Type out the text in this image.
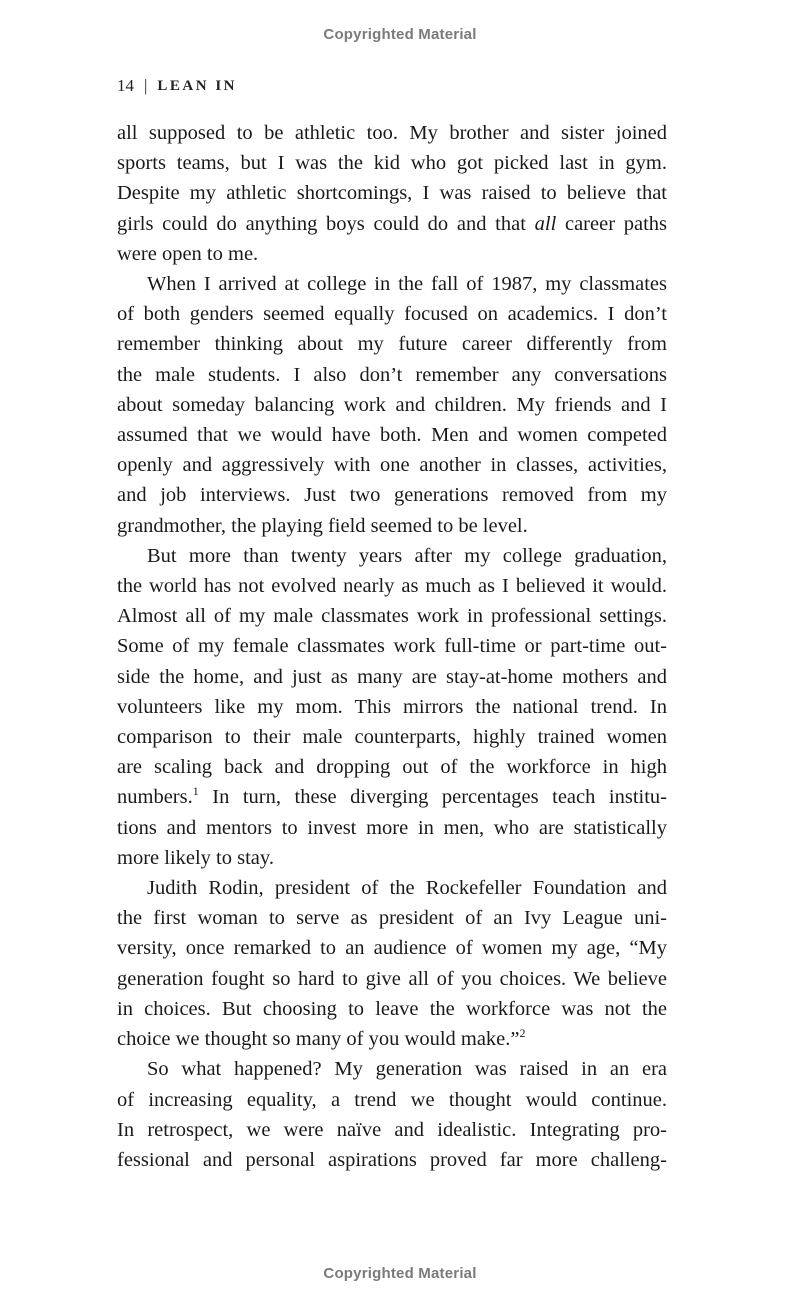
Copyrighted Material
14 | LEAN IN
all supposed to be athletic too. My brother and sister joined
sports teams, but I was the kid who got picked last in gym.
Despite my athletic shortcomings, I was raised to believe that
girls could do anything boys could do and that all career paths
were open to me.
When I arrived at college in the fall of 1987, my classmates
of both genders seemed equally focused on academics. I don’t
remember thinking about my future career differently from
the male students. I also don’t remember any conversations
about someday balancing work and children. My friends and I
assumed that we would have both. Men and women competed
openly and aggressively with one another in classes, activities,
and job interviews. Just two generations removed from my
grandmother, the playing field seemed to be level.
But more than twenty years after my college graduation,
the world has not evolved nearly as much as I believed it would.
Almost all of my male classmates work in professional settings.
Some of my female classmates work full-time or part-time out-
side the home, and just as many are stay-at-home mothers and
volunteers like my mom. This mirrors the national trend. In
comparison to their male counterparts, highly trained women
are scaling back and dropping out of the workforce in high
numbers.$^1$ In turn, these diverging percentages teach institu-
tions and mentors to invest more in men, who are statistically
more likely to stay.
Judith Rodin, president of the Rockefeller Foundation and
the first woman to serve as president of an Ivy League uni-
versity, once remarked to an audience of women my age, “My
generation fought so hard to give all of you choices. We believe
in choices. But choosing to leave the workforce was not the
choice we thought so many of you would make.”$^2$
So what happened? My generation was raised in an era
of increasing equality, a trend we thought would continue.
In retrospect, we were naïve and idealistic. Integrating pro-
fessional and personal aspirations proved far more challeng-
Copyrighted Material
